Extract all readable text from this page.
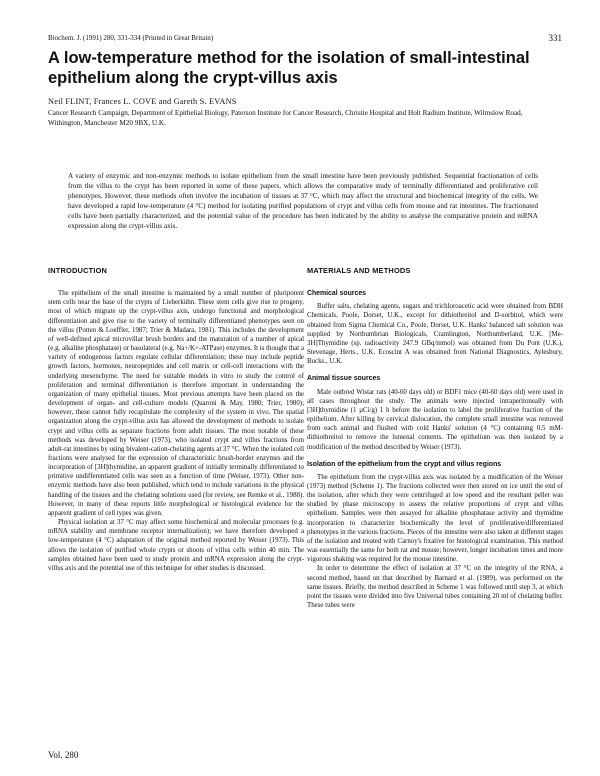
Biochem. J. (1991) 280, 331-334 (Printed in Great Britain)	331
A low-temperature method for the isolation of small-intestinal epithelium along the crypt-villus axis
Neil FLINT, Frances L. COVE and Gareth S. EVANS
Cancer Research Campaign, Department of Epithelial Biology, Paterson Institute for Cancer Research, Christie Hospital and Holt Radium Institute, Wilmslow Road, Withington, Manchester M20 9BX, U.K.
A variety of enzymic and non-enzymic methods to isolate epithelium from the small intestine have been previously published. Sequential fractionation of cells from the villus to the crypt has been reported in some of these papers, which allows the comparative study of terminally differentiated and proliferative cell phenotypes. However, these methods often involve the incubation of tissues at 37 °C, which may affect the structural and biochemical integrity of the cells. We have developed a rapid low-temperature (4 °C) method for isolating purified populations of crypt and villus cells from mouse and rat intestines. The fractionated cells have been partially characterized, and the potential value of the procedure has been indicated by the ability to analyse the comparative protein and mRNA expression along the crypt-villus axis.
INTRODUCTION

The epithelium of the small intestine is maintained by a small number of pluripotent stem cells near the base of the crypts of Lieberkühn. These stem cells give rise to progeny, most of which migrate up the crypt-villus axis, undergo functional and morphological differentiation and give rise to the variety of terminally differentiated phenotypes seen on the villus (Potten & Loeffler, 1987; Trier & Madara, 1981). This includes the development of well-defined apical microvillar brush borders and the maturation of a number of apical (e.g. alkaline phosphatase) or basolateral (e.g. Na+/K+-ATPase) enzymes. It is thought that a variety of endogenous factors regulate cellular differentiation; these may include peptide growth factors, hormones, neuropeptides and cell matrix or cell-cell interactions with the underlying mesenchyme. The need for suitable models in vitro to study the control of proliferation and terminal differentiation is therefore important in understanding the organization of many epithelial tissues. Most previous attempts have been placed on the development of organ- and cell-culture models (Quaroni & May, 1980; Trier, 1980); however, these cannot fully recapitulate the complexity of the system in vivo. The spatial organization along the crypt-villus axis has allowed the development of methods to isolate crypt and villus cells as separate fractions from adult tissues. The most notable of these methods was developed by Weiser (1973), who isolated crypt and villus fractions from adult-rat intestines by using bivalent-cation-chelating agents at 37 °C. When the isolated cell fractions were analysed for the expression of characteristic brush-border enzymes and the incorporation of [3H]thymidine, an apparent gradient of initially terminally differentiated to primitive undifferentiated cells was seen as a function of time (Weiser, 1973). Other non-enzymic methods have also been published, which tend to include variations in the physical handling of the tissues and the chelating solutions used (for review, see Remke et al., 1988). However, in many of these reports little morphological or histological evidence for the apparent gradient of cell types was given.

Physical isolation at 37 °C may affect some biochemical and molecular processes (e.g. mRNA stability and membrane receptor internalization); we have therefore developed a low-temperature (4 °C) adaptation of the original method reported by Weiser (1973). This allows the isolation of purified whole crypts or shoots of villus cells within 40 min. The samples obtained have been used to study protein and mRNA expression along the crypt-villus axis and the potential use of this technique for other studies is discussed.

MATERIALS AND METHODS
Chemical sources

Buffer salts, chelating agents, sugars and trichloroacetic acid were obtained from BDH Chemicals, Poole, Dorset, U.K., except for dithiothreitol and D-sorbitol, which were obtained from Sigma Chemical Co., Poole, Dorset, U.K. Hanks' balanced salt solution was supplied by Northumbrian Biologicals, Cramlington, Northumberland, U.K. [Me-3H]Thymidine (sp. radioactivity 247.9 GBq/mmol) was obtained from Du Pont (U.K.), Stevenage, Herts., U.K. Ecoscint A was obtained from National Diagnostics, Aylesbury, Bucks., U.K.

Animal tissue sources

Male outbred Wistar rats (40-60 days old) or BDF1 mice (40-60 days old) were used in all cases throughout the study. The animals were injected intraperitoneally with [3H]thymidine (1 µCi/g) 1 h before the isolation to label the proliferative fraction of the epithelium. After killing by cervical dislocation, the complete small intestine was removed from each animal and flushed with cold Hanks' solution (4 °C) containing 0.5 mM-dithiothreitol to remove the lumenal contents. The epithelium was then isolated by a modification of the method described by Weiser (1973).

Isolation of the epithelium from the crypt and villus regions

The epithelium from the crypt-villus axis was isolated by a modification of the Weiser (1973) method (Scheme 1). The fractions collected were then stored on ice until the end of the isolation, after which they were centrifuged at low speed and the resultant pellet was studied by phase microscopy to assess the relative proportions of crypt and villus epithelium. Samples were then assayed for alkaline phosphatase activity and thymidine incorporation to characterize biochemically the level of proliferative/differentiated phenotypes in the various fractions. Pieces of the intestine were also taken at different stages of the isolation and treated with Carnoy's fixative for histological examination. This method was essentially the same for both rat and mouse; however, longer incubation times and more vigorous shaking was required for the mouse intestine.

In order to determine the effect of isolation at 37 °C on the integrity of the RNA, a second method, based on that described by Barnard et al. (1989), was performed on the same tissues. Briefly, the method described in Scheme 1 was followed until step 3, at which point the tissues were divided into five Universal tubes containing 20 ml of chelating buffer. These tubes were

Vol. 280
